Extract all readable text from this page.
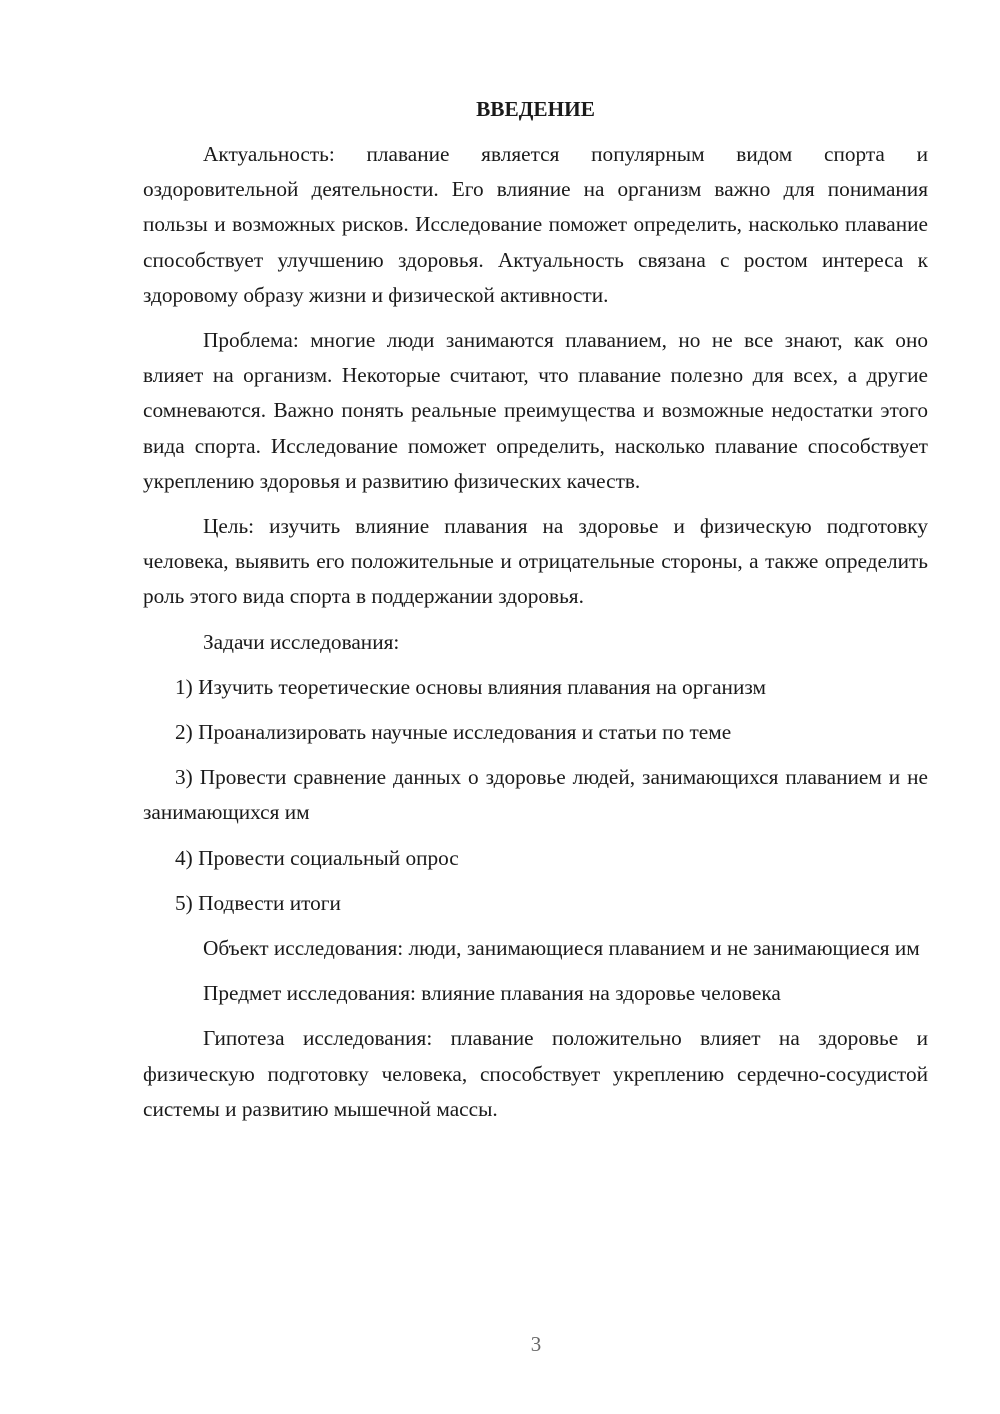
ВВЕДЕНИЕ

Актуальность: плавание является популярным видом спорта и оздоровительной деятельности. Его влияние на организм важно для понимания пользы и возможных рисков. Исследование поможет определить, насколько плавание способствует улучшению здоровья. Актуальность связана с ростом интереса к здоровому образу жизни и физической активности.

Проблема: многие люди занимаются плаванием, но не все знают, как оно влияет на организм. Некоторые считают, что плавание полезно для всех, а другие сомневаются. Важно понять реальные преимущества и возможные недостатки этого вида спорта. Исследование поможет определить, насколько плавание способствует укреплению здоровья и развитию физических качеств.

Цель: изучить влияние плавания на здоровье и физическую подготовку человека, выявить его положительные и отрицательные стороны, а также определить роль этого вида спорта в поддержании здоровья.

Задачи исследования:

1) Изучить теоретические основы влияния плавания на организм

2) Проанализировать научные исследования и статьи по теме

3) Провести сравнение данных о здоровье людей, занимающихся плаванием и не занимающихся им

4) Провести социальный опрос

5) Подвести итоги

Объект исследования: люди, занимающиеся плаванием и не занимающиеся им

Предмет исследования: влияние плавания на здоровье человека

Гипотеза исследования: плавание положительно влияет на здоровье и физическую подготовку человека, способствует укреплению сердечно-сосудистой системы и развитию мышечной массы.

3
